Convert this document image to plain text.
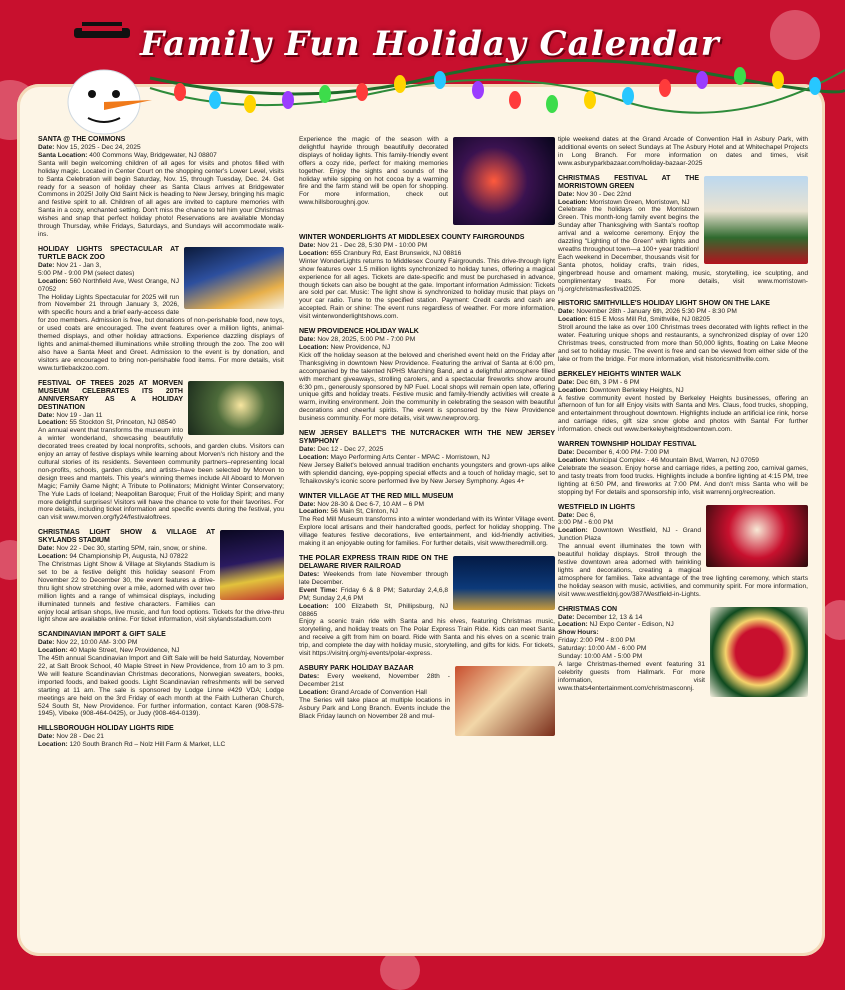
SANTA @ THE COMMONS
Date: Nov 15, 2025 - Dec 24, 2025
Santa Location: 400 Commons Way, Bridgewater, NJ 08807
Santa will begin welcoming children of all ages for visits and photos filled with holiday magic. Located in Center Court on the shopping center's Lower Level, visits to Santa Celebration will begin Saturday, Nov. 15, through Tuesday, Dec. 24. Get ready for a season of holiday cheer as Santa Claus arrives at Bridgewater Commons in 2025! Jolly Old Saint Nick is heading to New Jersey, bringing his magic and festive spirit to all. Children of all ages are invited to capture memories with Santa in a cozy, enchanted setting. Don't miss the chance to tell him your Christmas wishes and snap that perfect holiday photo! Reservations are available Monday through Thursday, while Fridays, Saturdays, and Sundays will accommodate walk-ins.
HOLIDAY LIGHTS SPECTACULAR AT TURTLE BACK ZOO
Date: Nov 21 - Jan 3,
5:00 PM - 9:00 PM (select dates)
Location: 560 Northfield Ave, West Orange, NJ 07052
The Holiday Lights Spectacular for 2025 will run from November 21 through January 3, 2026, with specific hours and a brief early-access date for zoo members. Admission is free, but donations of non-perishable food, new toys, or used coats are encouraged. The event features over a million lights, animal-themed displays, and other holiday attractions. Experience dazzling displays of lights and animal-themed illuminations while strolling through the zoo. The zoo will also have a Santa Meet and Greet. Admission to the event is by donation, and visitors are encouraged to bring non-perishable food items. For more details, visit www.turtlebackzoo.com.
FESTIVAL OF TREES 2025 AT MORVEN MUSEUM CELEBRATES ITS 20TH ANNIVERSARY AS A HOLIDAY DESTINATION
Date: Nov 19 - Jan 11
Location: 55 Stockton St, Princeton, NJ 08540
An annual event that transforms the museum into a winter wonderland, showcasing beautifully decorated trees created by local nonprofits, schools, and garden clubs. Visitors can enjoy an array of festive displays while learning about Morven's rich history and the cultural stories of its residents. Seventeen community partners–representing local non-profits, schools, garden clubs, and artists–have been selected by Morven to design trees and mantels. This year's winning themes include All Aboard to Morven Magic; Family Game Night; A Tribute to Pollinators; Midnight Winter Conservatory; The Yule Lads of Iceland; Neapolitan Baroque; Fruit of the Holiday Spirit; and many more delightful surprises! Visitors will have the chance to vote for their favorites. For more details, including ticket information and specific events during the festival, you can visit www.morven.org/fy24/festivaloftrees.
CHRISTMAS LIGHT SHOW & VILLAGE AT SKYLANDS STADIUM
Date: Nov 22 - Dec 30, starting 5PM, rain, snow, or shine.
Location: 94 Championship Pl, Augusta, NJ 07822
The Christmas Light Show & Village at Skylands Stadium is set to be a festive delight this holiday season! From November 22 to December 30, the event features a drive-thru light show stretching over a mile, adorned with over two million lights and a range of whimsical displays, including illuminated tunnels and festive characters. Families can enjoy local artisan shops, live music, and fun food options. Tickets for the drive-thru light show are available online. For ticket information, visit skylandsstadium.com
SCANDINAVIAN IMPORT & GIFT SALE
Date: Nov 22, 10:00 AM- 3:00 PM
Location: 40 Maple Street, New Providence, NJ
The 45th annual Scandinavian Import and Gift Sale will be held Saturday, November 22, at Salt Brook School, 40 Maple Street in New Providence, from 10 am to 3 pm. We will feature Scandinavian Christmas decorations, Norwegian sweaters, books, imported foods, and baked goods. Light Scandinavian refreshments will be served starting at 11 am. The sale is sponsored by Lodge Linne #429 VDA; Lodge meetings are held on the 3rd Friday of each month at the Faith Lutheran Church, 524 South St, New Providence. For further information, contact Karen (908-578-1945), Vibeke (908-464-0425), or Judy (908-464-0139).
HILLSBOROUGH HOLIDAY LIGHTS RIDE
Date: Nov 28 - Dec 21
Location: 120 South Branch Rd – Nolz Hill Farm & Market, LLC
Experience the magic of the season with a delightful hayride through beautifully decorated displays of holiday lights. This family-friendly event offers a cozy ride, perfect for making memories together. Enjoy the sights and sounds of the holiday while sipping on hot cocoa by a warming fire and the farm stand will be open for shopping. For more information, check out www.hillsboroughnj.gov.
WINTER WONDERLIGHTS AT MIDDLESEX COUNTY FAIRGROUNDS
Date: Nov 21 - Dec 28, 5:30 PM - 10:00 PM
Location: 655 Cranbury Rd, East Brunswick, NJ 08816
Winter WonderLights returns to Middlesex County Fairgrounds. This drive-through light show features over 1.5 million lights synchronized to holiday tunes, offering a magical experience for all ages. Tickets are date-specific and must be purchased in advance, though tickets can also be bought at the gate. Important information Admission: Tickets are sold per car. Music: The light show is synchronized to holiday music that plays on your car radio. Tune to the specified station. Payment: Credit cards and cash are accepted. Rain or shine: The event runs regardless of weather. For more information, visit winterwonderlightshows.com.
NEW PROVIDENCE HOLIDAY WALK
Date: Nov 28, 2025, 5:00 PM - 7:00 PM
Location: New Providence, NJ
Kick off the holiday season at the beloved and cherished event held on the Friday after Thanksgiving in downtown New Providence. Featuring the arrival of Santa at 6:00 pm, accompanied by the talented NPHS Marching Band, and a delightful atmosphere filled with merchant giveaways, strolling carolers, and a spectacular fireworks show around 6:30 pm., generously sponsored by NP Fuel. Local shops will remain open late, offering unique gifts and holiday treats. Festive music and family-friendly activities will create a warm, inviting environment. Join the community in celebrating the season with beautiful decorations and cheerful spirits. The event is sponsored by the New Providence business community. For more details, visit www.newprov.org.
NEW JERSEY BALLET'S THE NUTCRACKER WITH THE NEW JERSEY SYMPHONY
Date: Dec 12 - Dec 27, 2025
Location: Mayo Performing Arts Center - MPAC - Morristown, NJ
New Jersey Ballet's beloved annual tradition enchants youngsters and grown-ups alike with splendid dancing, eye-popping special effects and a touch of holiday magic, set to Tchaikovsky's iconic score performed live by New Jersey Symphony. Ages 4+
WINTER VILLAGE AT THE RED MILL MUSEUM
Date: Nov 28-30 & Dec 6-7, 10 AM – 6 PM
Location: 56 Main St, Clinton, NJ
The Red Mill Museum transforms into a winter wonderland with its Winter Village event. Explore local artisans and their handcrafted goods, perfect for holiday shopping. The village features festive decorations, live entertainment, and kid-friendly activities, making it an enjoyable outing for families. For further details, visit www.theredmill.org.
THE POLAR EXPRESS TRAIN RIDE ON THE DELAWARE RIVER RAILROAD
Dates: Weekends from late November through late December.
Event Time: Friday 6 & 8 PM; Saturday 2,4,6,8 PM; Sunday 2,4,6 PM
Location: 100 Elizabeth St, Phillipsburg, NJ 08865
Enjoy a scenic train ride with Santa and his elves, featuring Christmas music, storytelling, and holiday treats on The Polar Express Train Ride. Kids can meet Santa and receive a gift from him on board. Ride with Santa and his elves on a scenic train trip, and complete the day with holiday music, storytelling, and gifts for kids. For tickets, visit https://visitnj.org/nj-events/polar-express.
ASBURY PARK HOLIDAY BAZAAR
Dates: Every weekend, November 28th - December 21st
Location: Grand Arcade of Convention Hall
The Series will take place at multiple locations in Asbury Park and Long Branch. Events include the Black Friday launch on November 28 and mul-
tiple weekend dates at the Grand Arcade of Convention Hall in Asbury Park, with additional events on select Sundays at The Asbury Hotel and at Whitechapel Projects in Long Branch. For more information on dates and times, visit www.asburyparkbazaar.com/holiday-bazaar-2025
CHRISTMAS FESTIVAL AT THE MORRISTOWN GREEN
Date: Nov 30 - Dec 22nd
Location: Morristown Green, Morristown, NJ
Celebrate the holidays on the Morristown Green. This month-long family event begins the Sunday after Thanksgiving with Santa's rooftop arrival and a welcome ceremony. Enjoy the dazzling "Lighting of the Green" with lights and wreaths throughout town—a 100+ year tradition! Each weekend in December, thousands visit for Santa photos, holiday crafts, train rides, gingerbread house and ornament making, music, storytelling, ice sculpting, and complimentary treats. For more details, visit www.morristown-nj.org/christmasfestival2025.
HISTORIC SMITHVILLE'S HOLIDAY LIGHT SHOW ON THE LAKE
Date: November 28th - January 6th, 2026 5:30 PM - 8:30 PM
Location: 615 E Moss Mill Rd, Smithville, NJ 08205
Stroll around the lake as over 100 Christmas trees decorated with lights reflect in the water. Featuring unique shops and restaurants, a synchronized display of over 120 Christmas trees, constructed from more than 50,000 lights, floating on Lake Meone and set to holiday music. The event is free and can be viewed from either side of the lake or from the bridge. For more information, visit historicsmithville.com.
BERKELEY HEIGHTS WINTER WALK
Date: Dec 6th, 3 PM - 6 PM
Location: Downtown Berkeley Heights, NJ
A festive community event hosted by Berkeley Heights businesses, offering an afternoon of fun for all! Enjoy visits with Santa and Mrs. Claus, food trucks, shopping, and entertainment throughout downtown. Highlights include an artificial ice rink, horse and carriage rides, gift size snow globe and photos with Santa! For further information. check out www.berkeleyheightsdowntown.com.
WARREN TOWNSHIP HOLIDAY FESTIVAL
Date: December 6, 4:00 PM- 7:00 PM
Location: Municipal Complex - 46 Mountain Blvd, Warren, NJ 07059
Celebrate the season. Enjoy horse and carriage rides, a petting zoo, carnival games, and tasty treats from food trucks. Highlights include a bonfire lighting at 4:15 PM, tree lighting at 6:50 PM, and fireworks at 7:00 PM. And don't miss Santa who will be stopping by! For details and sponsorship info, visit warrennj.org/recreation.
WESTFIELD IN LIGHTS
Date: Dec 6,
3:00 PM - 6:00 PM
Location: Downtown Westfield, NJ - Grand Junction Plaza
The annual event illuminates the town with beautiful holiday displays. Stroll through the festive downtown area adorned with twinkling lights and decorations, creating a magical atmosphere for families. Take advantage of the tree lighting ceremony, which starts the holiday season with music, activities, and community spirit. For more information, visit www.westfieldnj.gov/387/Westfield-in-Lights.
CHRISTMAS CON
Date: December 12, 13 & 14
Location: NJ Expo Center - Edison, NJ
Show Hours:
Friday: 2:00 PM - 8:00 PM
Saturday: 10:00 AM - 6:00 PM
Sunday: 10:00 AM - 5:00 PM
A large Christmas-themed event featuring 31 celebrity guests from Hallmark. For more information, visit www.thats4entertainment.com/christmasconnj.
Family Fun Holiday Calendar
